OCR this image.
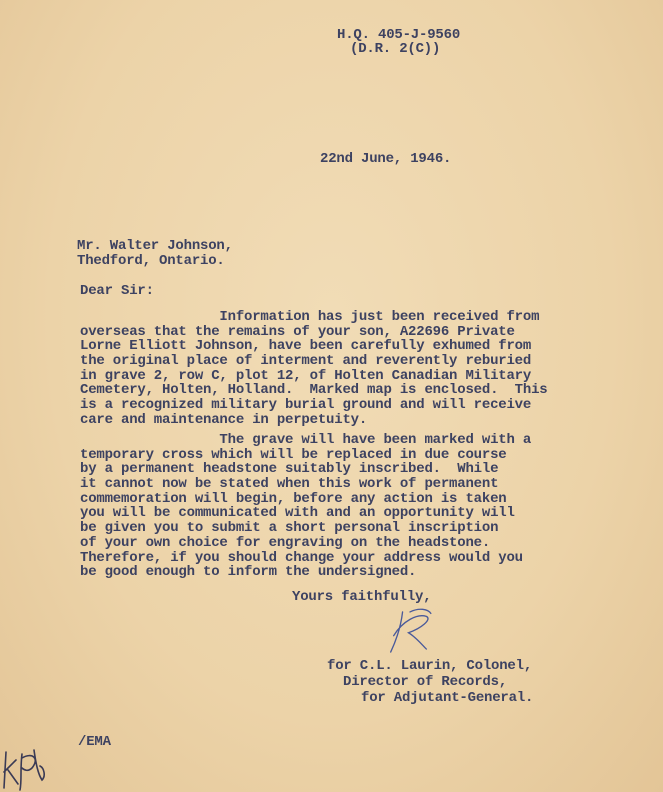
H.Q. 405-J-9560
(D.R. 2(C))
22nd June, 1946.
Mr. Walter Johnson,
Thedford, Ontario.
Dear Sir:
Information has just been received from
overseas that the remains of your son, A22696 Private
Lorne Elliott Johnson, have been carefully exhumed from
the original place of interment and reverently reburied
in grave 2, row C, plot 12, of Holten Canadian Military
Cemetery, Holten, Holland.  Marked map is enclosed.  This
is a recognized military burial ground and will receive
care and maintenance in perpetuity.
The grave will have been marked with a
temporary cross which will be replaced in due course
by a permanent headstone suitably inscribed.  While
it cannot now be stated when this work of permanent
commemoration will begin, before any action is taken
you will be communicated with and an opportunity will
be given you to submit a short personal inscription
of your own choice for engraving on the headstone.
Therefore, if you should change your address would you
be good enough to inform the undersigned.
Yours faithfully,
for C.L. Laurin, Colonel,
Director of Records,
for Adjutant-General.
/EMA
